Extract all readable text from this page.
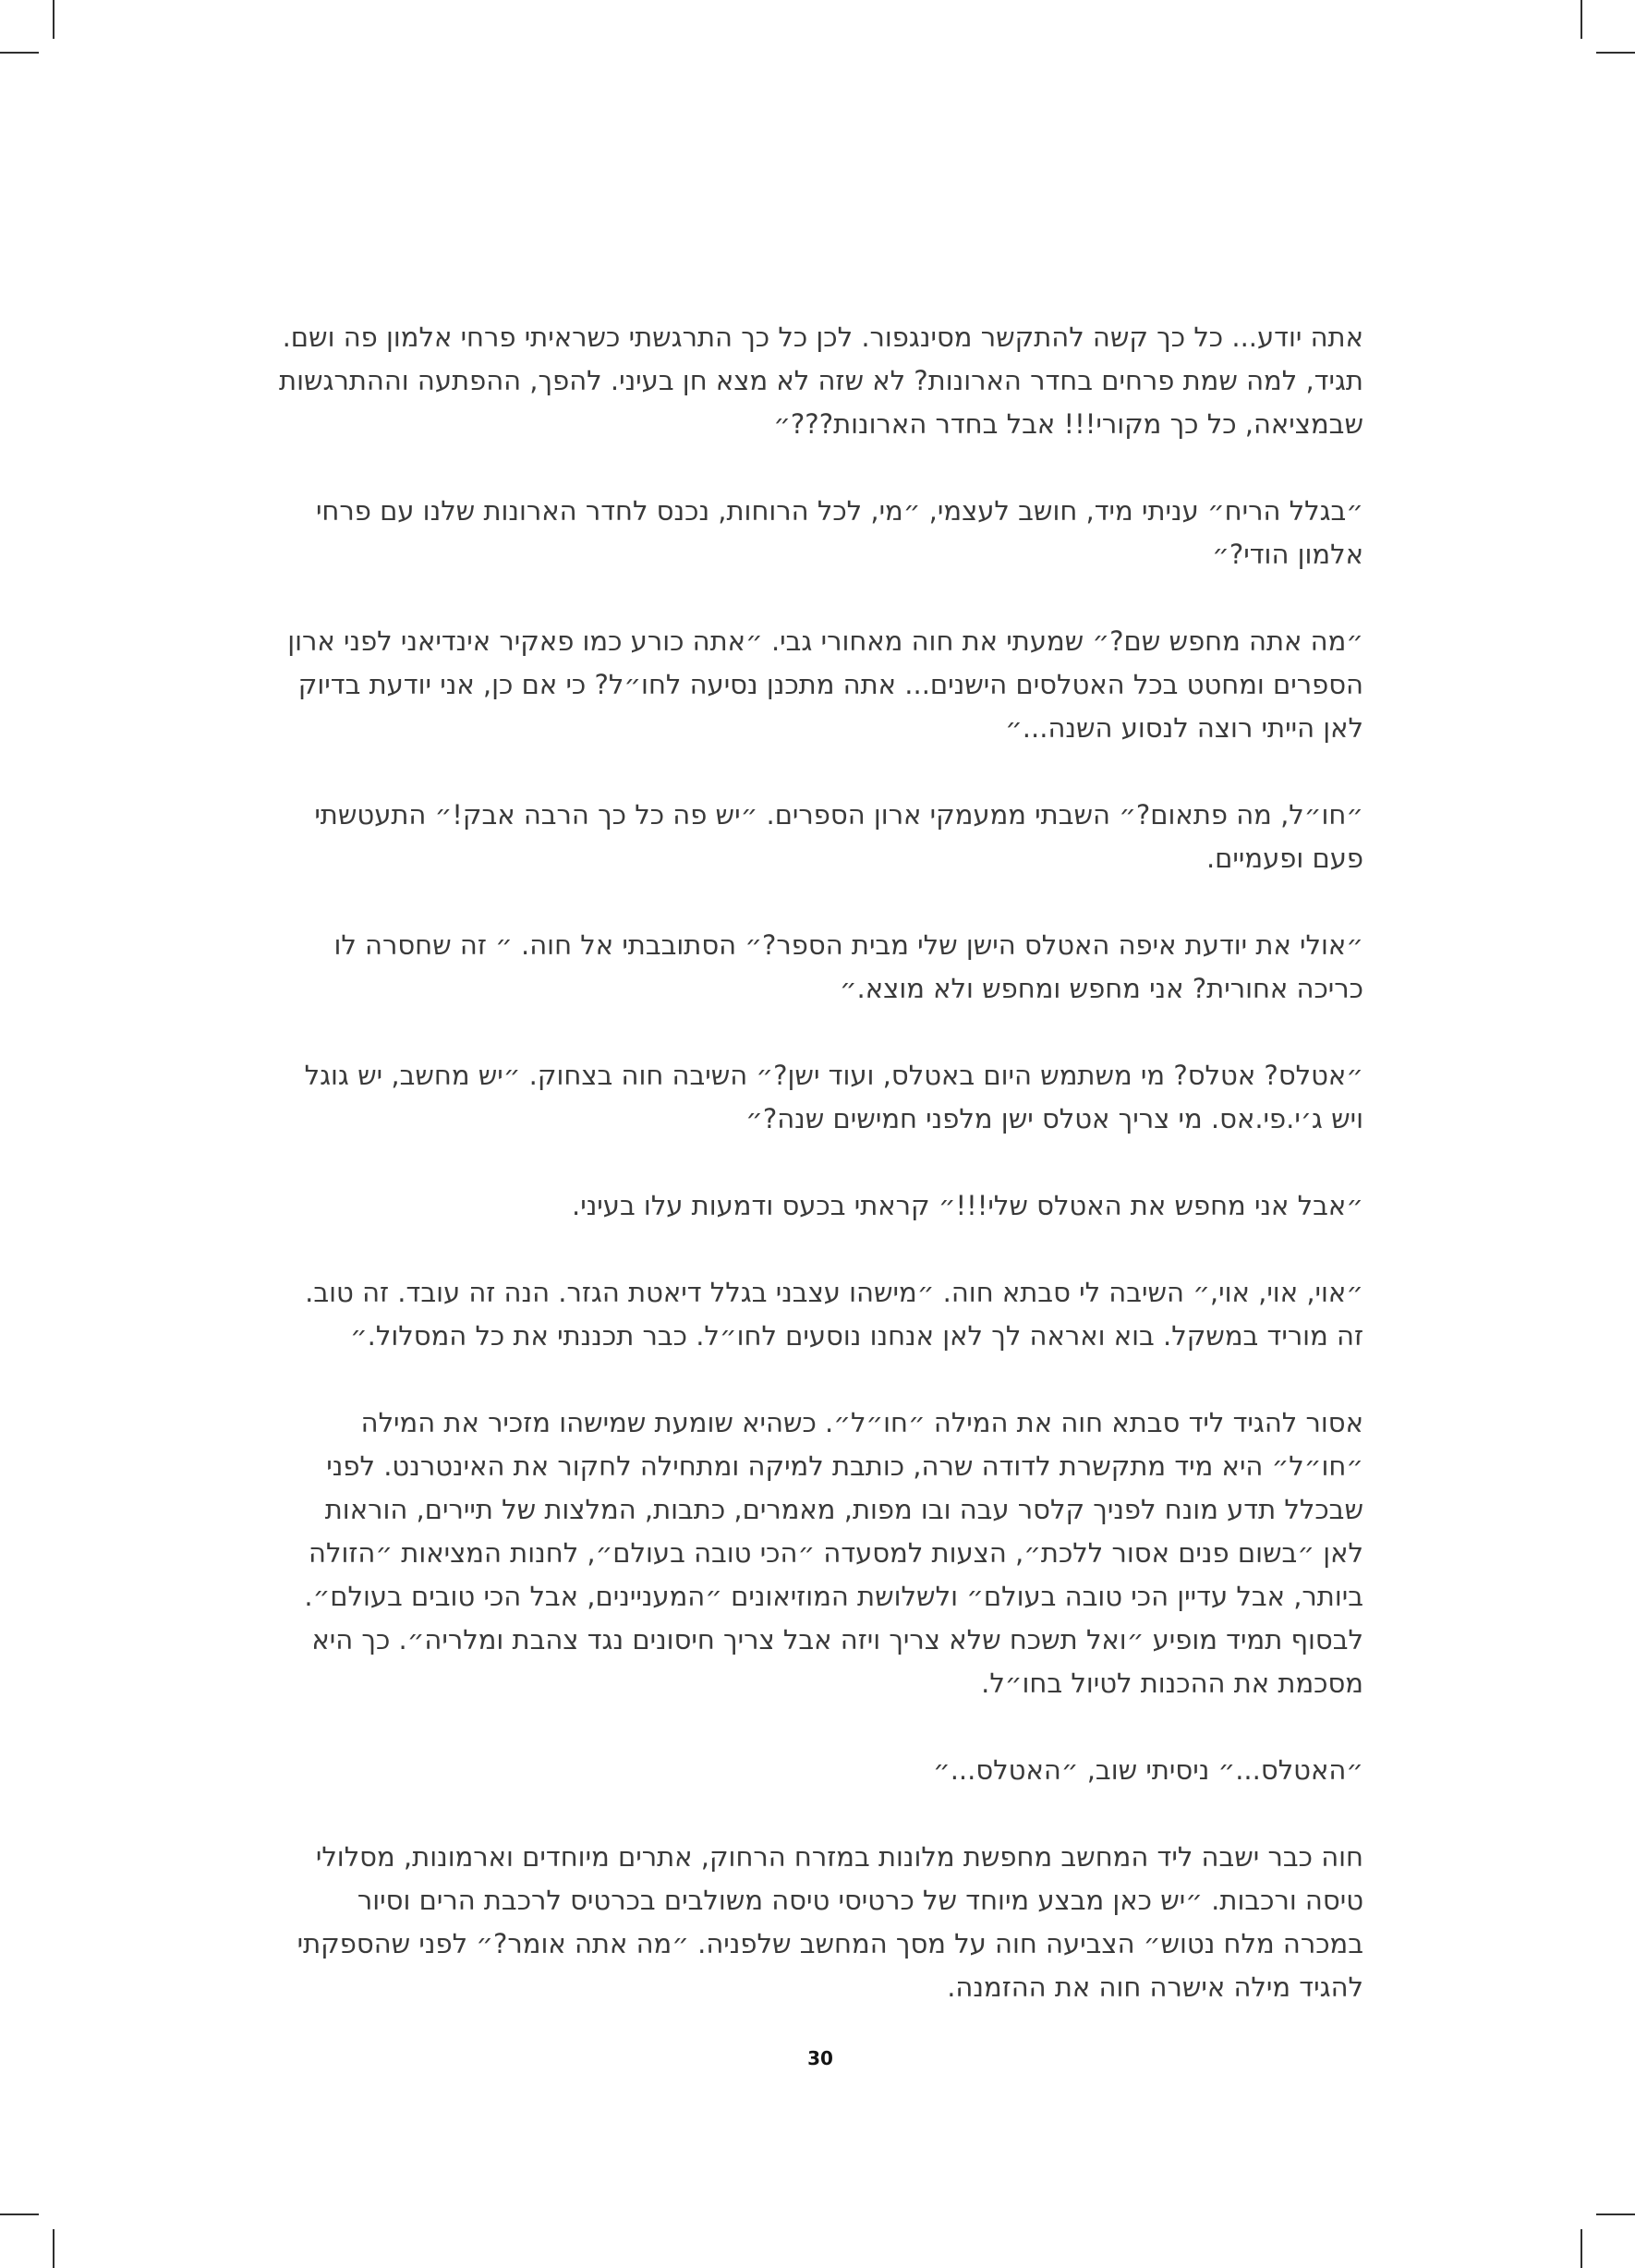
אתה יודע... כל כך קשה להתקשר מסינגפור. לכן כל כך התרגשתי כשראיתי פרחי אלמון פה ושם. תגיד, למה שמת פרחים בחדר הארונות? לא שזה לא מצא חן בעיני. להפך, ההפתעה וההתרגשות שבמציאה, כל כך מקורי!!! אבל בחדר הארונות???״

״בגלל הריח״ עניתי מיד, חושב לעצמי, ״מי, לכל הרוחות, נכנס לחדר הארונות שלנו עם פרחי אלמון הודי?״

״מה אתה מחפש שם?״ שמעתי את חוה מאחורי גבי. ״אתה כורע כמו פאקיר אינדיאני לפני ארון הספרים ומחטט בכל האטלסים הישנים... אתה מתכנן נסיעה לחו״ל? כי אם כן, אני יודעת בדיוק לאן הייתי רוצה לנסוע השנה...״

״חו״ל, מה פתאום?״ השבתי ממעמקי ארון הספרים. ״יש פה כל כך הרבה אבק!״ התעטשתי פעם ופעמיים.

״אולי את יודעת איפה האטלס הישן שלי מבית הספר?״ הסתובבתי אל חוה. ״ זה שחסרה לו כריכה אחורית? אני מחפש ומחפש ולא מוצא.״

״אטלס? אטלס? מי משתמש היום באטלס, ועוד ישן?״ השיבה חוה בצחוק. ״יש מחשב, יש גוגל ויש ג׳י.פי.אס. מי צריך אטלס ישן מלפני חמישים שנה?״

״אבל אני מחפש את האטלס שלי!!!״ קראתי בכעס ודמעות עלו בעיני.

״אוי, אוי, אוי,״ השיבה לי סבתא חוה. ״מישהו עצבני בגלל דיאטת הגזר. הנה זה עובד. זה טוב. זה מוריד במשקל. בוא ואראה לך לאן אנחנו נוסעים לחו״ל. כבר תכננתי את כל המסלול.״

אסור להגיד ליד סבתא חוה את המילה ״חו״ל״. כשהיא שומעת שמישהו מזכיר את המילה ״חו״ל״ היא מיד מתקשרת לדודה שרה, כותבת למיקה ומתחילה לחקור את האינטרנט. לפני שבכלל תדע מונח לפניך קלסר עבה ובו מפות, מאמרים, כתבות, המלצות של תיירים, הוראות לאן ״בשום פנים אסור ללכת״, הצעות למסעדה ״הכי טובה בעולם״, לחנות המציאות ״הזולה ביותר, אבל עדיין הכי טובה בעולם״ ולשלושת המוזיאונים ״המעניינים, אבל הכי טובים בעולם״. לבסוף תמיד מופיע ״ואל תשכח שלא צריך ויזה אבל צריך חיסונים נגד צהבת ומלריה״. כך היא מסכמת את ההכנות לטיול בחו״ל.

״האטלס...״ ניסיתי שוב, ״האטלס...״

חוה כבר ישבה ליד המחשב מחפשת מלונות במזרח הרחוק, אתרים מיוחדים וארמונות, מסלולי טיסה ורכבות. ״יש כאן מבצע מיוחד של כרטיסי טיסה משולבים בכרטיס לרכבת הרים וסיור במכרה מלח נטוש״ הצביעה חוה על מסך המחשב שלפניה. ״מה אתה אומר?״ לפני שהספקתי להגיד מילה אישרה חוה את ההזמנה.

30
